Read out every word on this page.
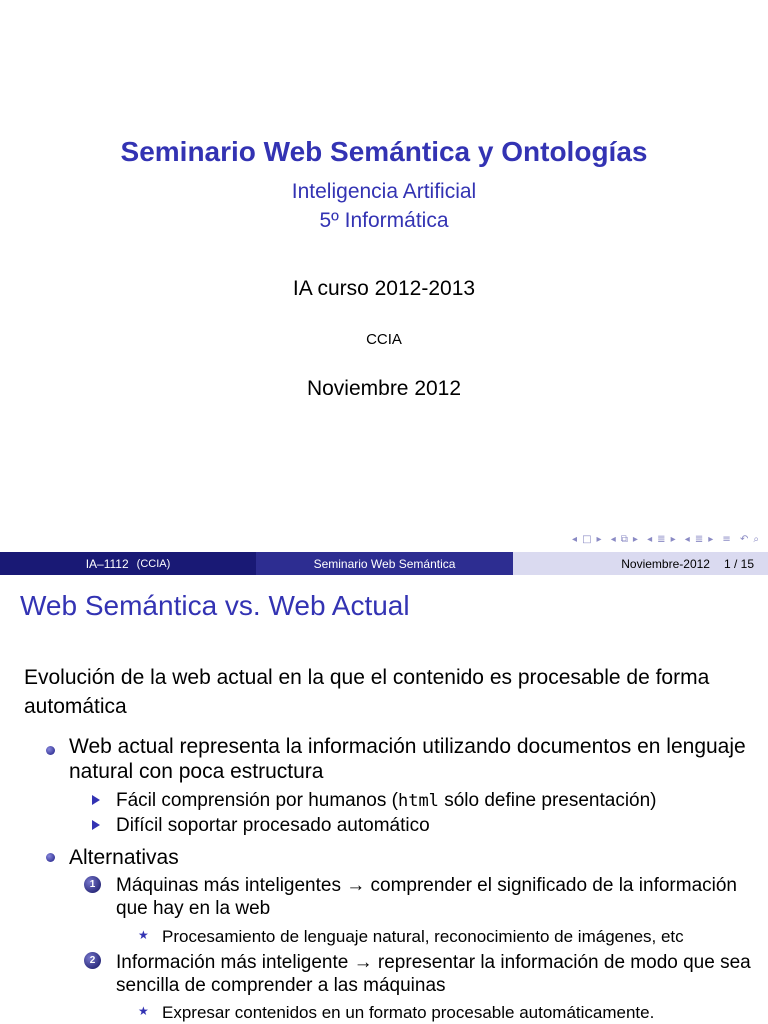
Seminario Web Semántica y Ontologías
Inteligencia Artificial
5º Informática
IA curso 2012-2013
CCIA
Noviembre 2012
◂ □ ▸ ◂ ⧉ ▸ ◂ ≣ ▸ ◂ ≣ ▸ ≡ ↶ ⌕
IA–1112 (CCIA)	Seminario Web Semántica	Noviembre-2012 1 / 15
Web Semántica vs. Web Actual
Evolución de la web actual en la que el contenido es procesable de forma automática
Web actual representa la información utilizando documentos en lenguaje natural con poca estructura
Fácil comprensión por humanos (html sólo define presentación)
Difícil soportar procesado automático
Alternativas
1	Máquinas más inteligentes → comprender el significado de la información que hay en la web
★ Procesamiento de lenguaje natural, reconocimiento de imágenes, etc
2	Información más inteligente → representar la información de modo que sea sencilla de comprender a las máquinas
★ Expresar contenidos en un formato procesable automáticamente.
